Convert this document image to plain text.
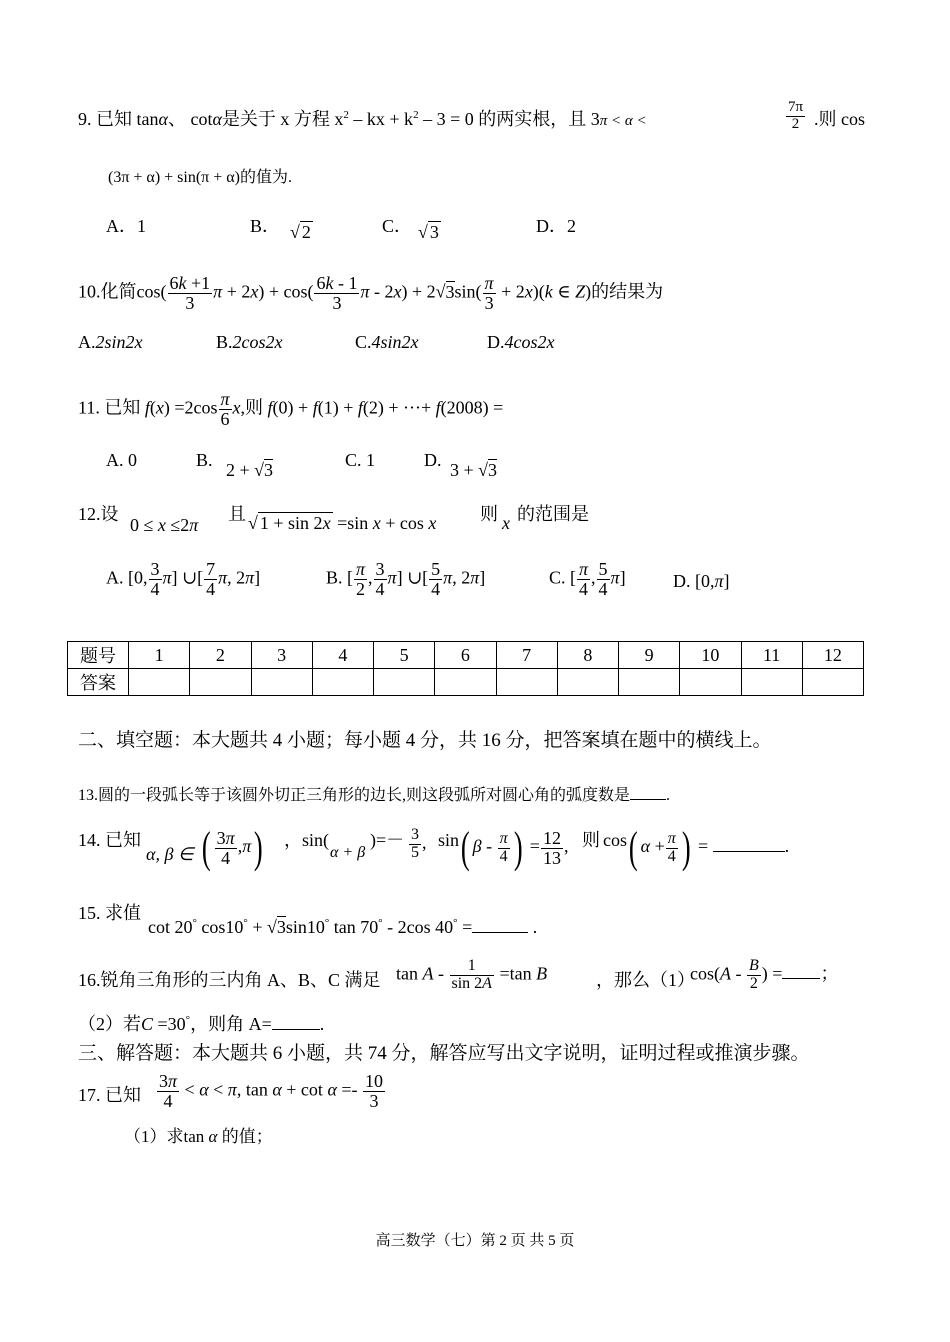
9. 已知 tanα、 cotα是关于 x 方程 $x^2$ – kx + $k^2 - 3 = 0$ 的两实根，且 3π < α <	$\frac{7\pi}{2}$ .则 cos
(3π + α) + sin(π + α)的值为.
A．1	B． √ 2	C． √ 3	D．2
10.化简$\cos( \frac{6k +1}{3}$ $\pi + 2x) + \cos( \frac{6k - 1}{3}$ $\pi - 2x) + 2√3\sin( \frac{\pi}{3} + 2x)(k$ ∈ Z)的结果为
A.2sin2x	B.2cos2x	C.4sin2x	D.4cos2x
11. 已知 $f(x) =2\cos \frac{\pi}{6} x$,则 f(0) + f(1) + f(2) + ···+ f(2008) =
A. 0	B. 2 + √3	C. 1	D. 3 + √3
12.设
0 ≤ x ≤2π
且 √ 1 + sin 2x =sin x + cos x 则 x 的范围是
A. [0, $\frac{3}{4} \pi$] ∪[ $\frac{7}{4} \pi$, 2π]	B. [ $\frac{\pi}{2}$ , $\frac{3}{4} \pi$] ∪[ $\frac{5}{4} \pi$, 2π]	C. [ $\frac{\pi}{4}$ , $\frac{5}{4} \pi$]	D. [0,π]
题号	1	2	3	4	5	6	7	8	9	10	11	12
答案												
二、填空题：本大题共 4 小题；每小题 4 分，共 16 分，把答案填在题中的横线上。
13.圆的一段弧长等于该圆外切正三角形的边长,则这段弧所对圆心角的弧度数是 .
14. 已知
α, β ∈ ( $\frac{3\pi}{4} ,\pi$) ，sin(
α + β
)=－ $\frac{3}{5}$ , sin ( β - $\frac{\pi}{4}$ ) = $\frac{12}{13}$ , 则 cos ( $\alpha + \frac{\pi}{4}$ ) =	.
15. 求值
cot 20° cos10° + √3sin10° tan 70° - 2cos 40° =	.
16.锐角三角形的三内角 A、B、C 满足 $\tan A - \frac{1}{\sin 2A} =\tan$ B	，那么（1）
$\cos(A - \frac{B}{2}$ ) = ；
（2）若C =30°，则角 A=	.
三、解答题：本大题共 6 小题，共 74 分，解答应写出文字说明，证明过程或推演步骤。
17. 已知 $\frac{3\pi}{4} < \alpha < \pi$, $\tan \alpha + \cot \alpha =- \frac{10}{3}$
（1）求tan α 的值；
高三数学（七）第 2 页 共 5 页
